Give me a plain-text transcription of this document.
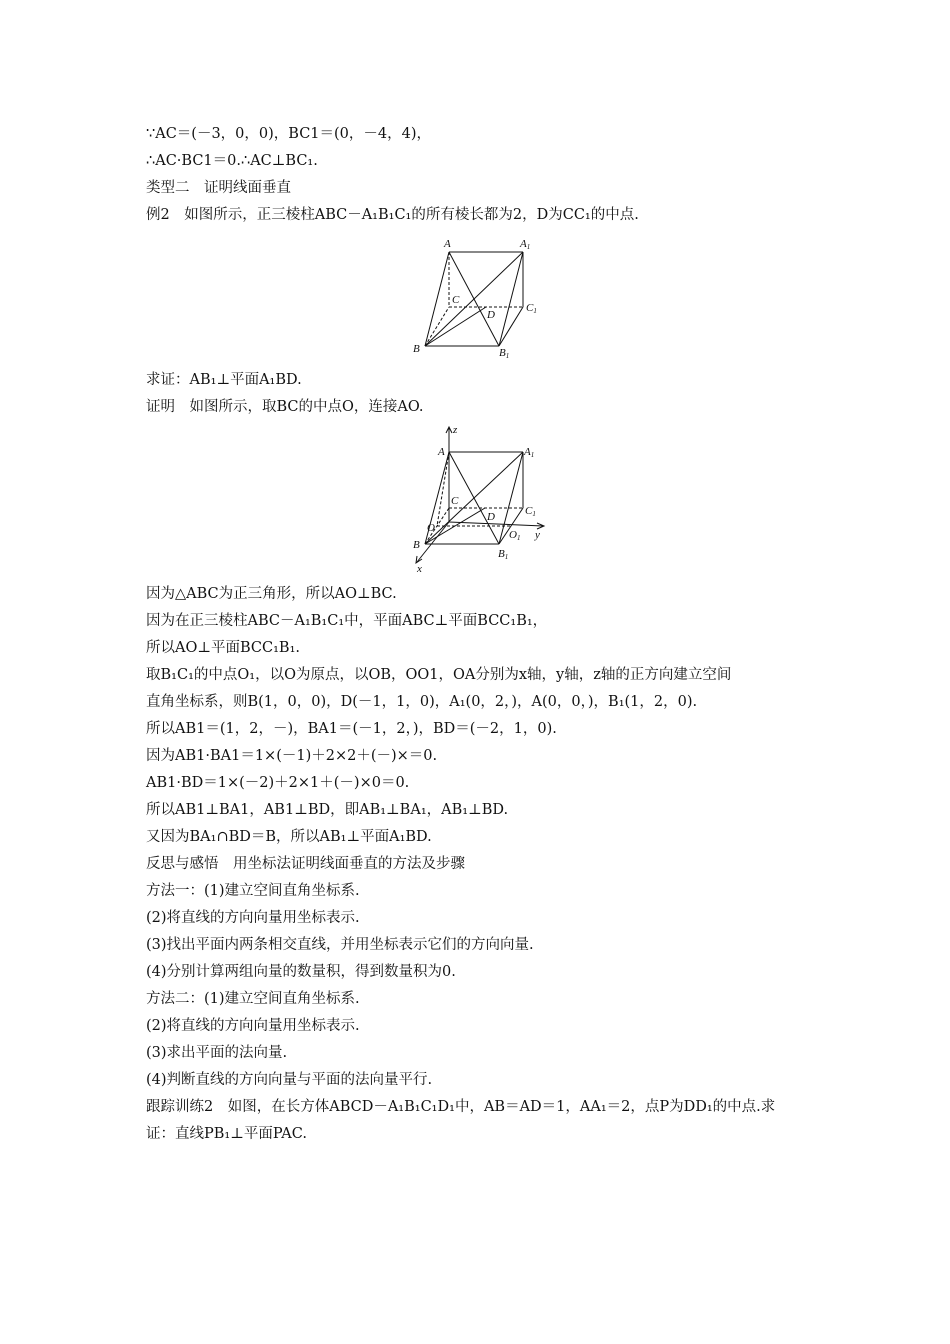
∵AC＝(－3，0，0)，BC1＝(0，－4，4)，
∴AC·BC1＝0.∴AC⊥BC₁.
类型二　证明线面垂直
例2　如图所示，正三棱柱ABC－A₁B₁C₁的所有棱长都为2，D为CC₁的中点.
A	A1
C
C1
D
B	B1
求证：AB₁⊥平面A₁BD.
证明　如图所示，取BC的中点O，连接AO.
z
y
x
A	A1
C
C1
D
O
O1
B
B1
因为△ABC为正三角形，所以AO⊥BC.
因为在正三棱柱ABC－A₁B₁C₁中，平面ABC⊥平面BCC₁B₁，
所以AO⊥平面BCC₁B₁.
取B₁C₁的中点O₁，以O为原点，以OB，OO1，OA分别为x轴，y轴，z轴的正方向建立空间
直角坐标系，则B(1，0，0)，D(－1，1，0)，A₁(0，2，)，A(0，0，)，B₁(1，2，0).
所以AB1＝(1，2，－)，BA1＝(－1，2，)，BD＝(－2，1，0).
因为AB1·BA1＝1×(－1)＋2×2＋(－)×＝0.
AB1·BD＝1×(－2)＋2×1＋(－)×0＝0.
所以AB1⊥BA1，AB1⊥BD，即AB₁⊥BA₁，AB₁⊥BD.
又因为BA₁∩BD＝B，所以AB₁⊥平面A₁BD.
反思与感悟　用坐标法证明线面垂直的方法及步骤
方法一：(1)建立空间直角坐标系.
(2)将直线的方向向量用坐标表示.
(3)找出平面内两条相交直线，并用坐标表示它们的方向向量.
(4)分别计算两组向量的数量积，得到数量积为0.
方法二：(1)建立空间直角坐标系.
(2)将直线的方向向量用坐标表示.
(3)求出平面的法向量.
(4)判断直线的方向向量与平面的法向量平行.
跟踪训练2　如图，在长方体ABCD－A₁B₁C₁D₁中，AB＝AD＝1，AA₁＝2，点P为DD₁的中点.求
证：直线PB₁⊥平面PAC.
